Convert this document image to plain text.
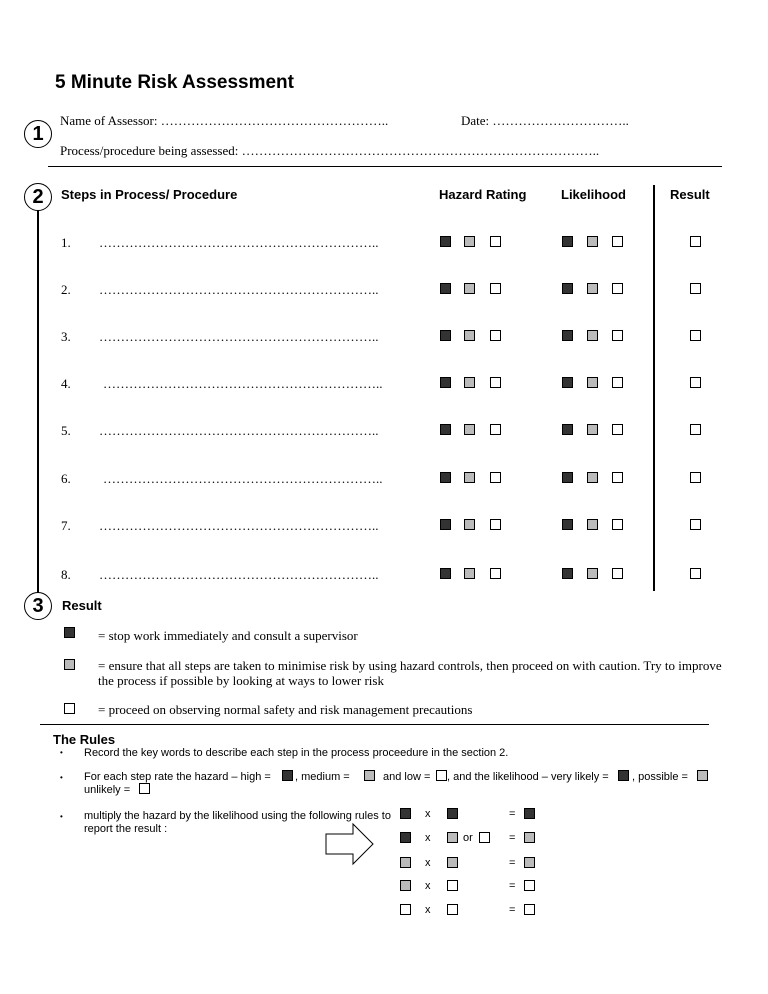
5 Minute Risk Assessment
1
Name of Assessor: ……………………………………………..	Date: …………………………..
Process/procedure being assessed: ………………………………………………………………………..
2	Steps in Process/ Procedure	Hazard Rating	Likelihood	Result
1. ………………………………………………………..
2. ………………………………………………………..
3. ………………………………………………………..
4. ………………………………………………………..
5. ………………………………………………………..
6. ………………………………………………………..
7. ………………………………………………………..
8. ………………………………………………………..
3	Result
= stop work immediately and consult a supervisor
= ensure that all steps are taken to minimise risk by using hazard controls, then proceed on with caution. Try to improve the process if possible by looking at ways to lower risk
= proceed on observing normal safety and risk management precautions
The Rules
• Record the key words to describe each step in the process proceedure in the section 2.
• For each step rate the hazard – high = , medium =	and low = , and the likelihood – very likely = , possible =
unlikely =
• multiply the hazard by the likelihood using the following rules to report the result :
x	=
x	or	=
x	=
x	=
x	=
